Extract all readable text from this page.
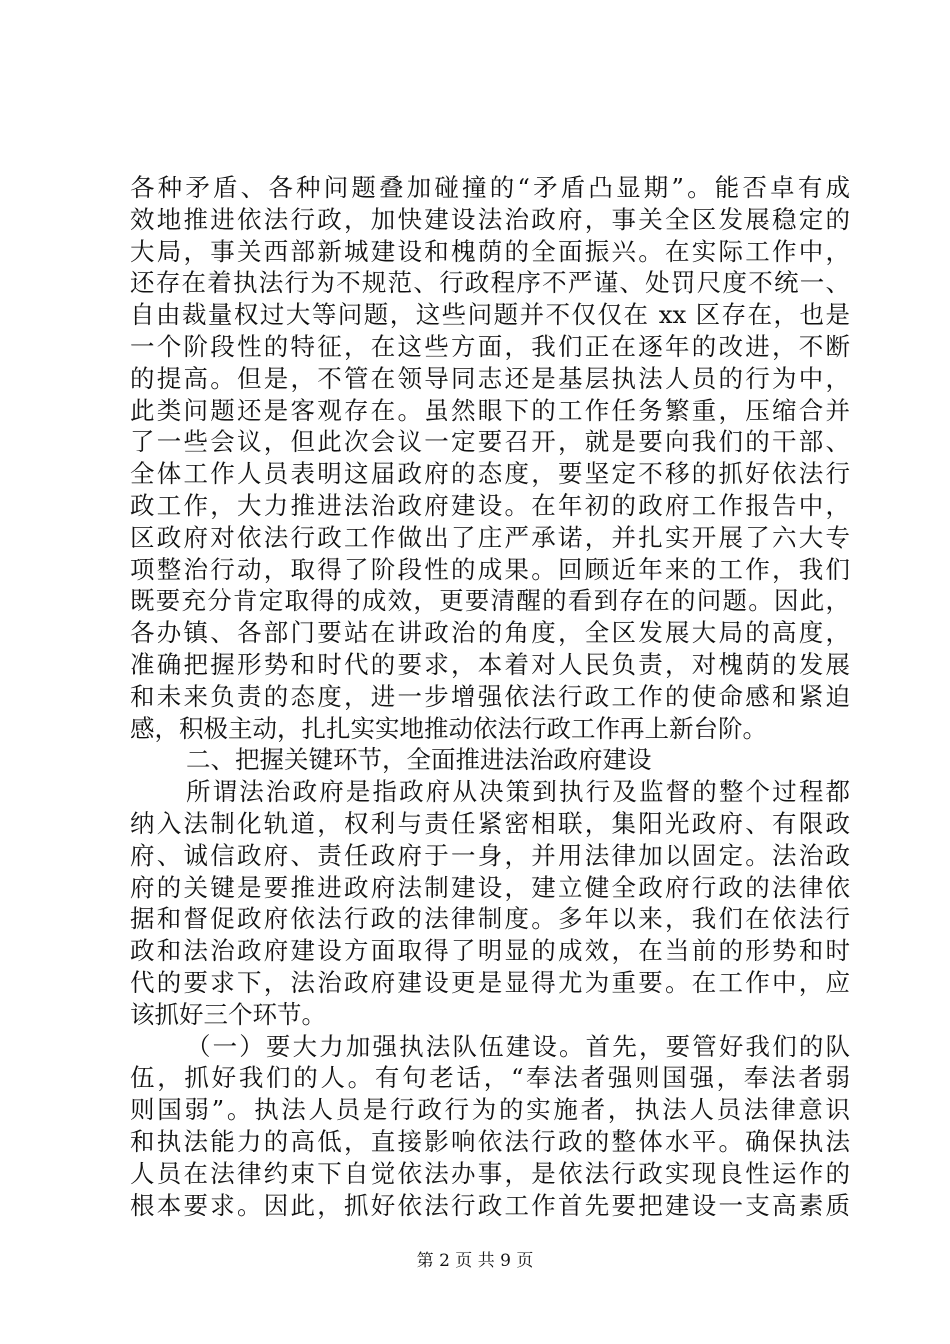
各种矛盾、各种问题叠加碰撞的“矛盾凸显期”。能否卓有成
效地推进依法行政，加快建设法治政府，事关全区发展稳定的
大局，事关西部新城建设和槐荫的全面振兴。在实际工作中，
还存在着执法行为不规范、行政程序不严谨、处罚尺度不统一、
自由裁量权过大等问题，这些问题并不仅仅在 xx 区存在，也是
一个阶段性的特征，在这些方面，我们正在逐年的改进，不断
的提高。但是，不管在领导同志还是基层执法人员的行为中，
此类问题还是客观存在。虽然眼下的工作任务繁重，压缩合并
了一些会议，但此次会议一定要召开，就是要向我们的干部、
全体工作人员表明这届政府的态度，要坚定不移的抓好依法行
政工作，大力推进法治政府建设。在年初的政府工作报告中，
区政府对依法行政工作做出了庄严承诺，并扎实开展了六大专
项整治行动，取得了阶段性的成果。回顾近年来的工作，我们
既要充分肯定取得的成效，更要清醒的看到存在的问题。因此，
各办镇、各部门要站在讲政治的角度，全区发展大局的高度，
准确把握形势和时代的要求，本着对人民负责，对槐荫的发展
和未来负责的态度，进一步增强依法行政工作的使命感和紧迫
感，积极主动，扎扎实实地推动依法行政工作再上新台阶。
二、把握关键环节，全面推进法治政府建设
所谓法治政府是指政府从决策到执行及监督的整个过程都
纳入法制化轨道，权利与责任紧密相联，集阳光政府、有限政
府、诚信政府、责任政府于一身，并用法律加以固定。法治政
府的关键是要推进政府法制建设，建立健全政府行政的法律依
据和督促政府依法行政的法律制度。多年以来，我们在依法行
政和法治政府建设方面取得了明显的成效，在当前的形势和时
代的要求下，法治政府建设更是显得尤为重要。在工作中，应
该抓好三个环节。
（一）要大力加强执法队伍建设。首先，要管好我们的队
伍，抓好我们的人。有句老话，“奉法者强则国强，奉法者弱
则国弱”。执法人员是行政行为的实施者，执法人员法律意识
和执法能力的高低，直接影响依法行政的整体水平。确保执法
人员在法律约束下自觉依法办事，是依法行政实现良性运作的
根本要求。因此，抓好依法行政工作首先要把建设一支高素质
第 2 页 共 9 页
